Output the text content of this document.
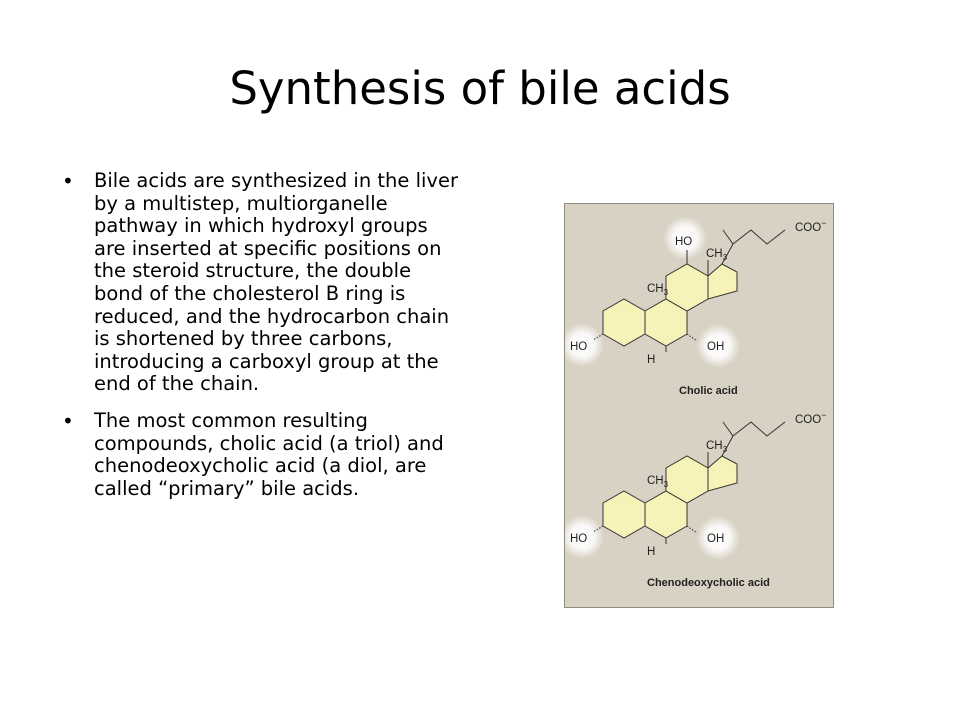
Synthesis of bile acids
• Bile acids are synthesized in the liver by a multistep, multiorganelle pathway in which hydroxyl groups are inserted at specific positions on the steroid structure, the double bond of the cholesterol B ring is reduced, and the hydrocarbon chain is shortened by three carbons, introducing a carboxyl group at the end of the chain.
• The most common resulting compounds, cholic acid (a triol) and chenodeoxycholic acid (a diol, are called “primary” bile acids.
HO
$CH_3$
$CH_3$
COO−
HO	OH
H
Cholic acid
$CH_3$
$CH_3$
COO−
HO	OH
H
Chenodeoxycholic acid
